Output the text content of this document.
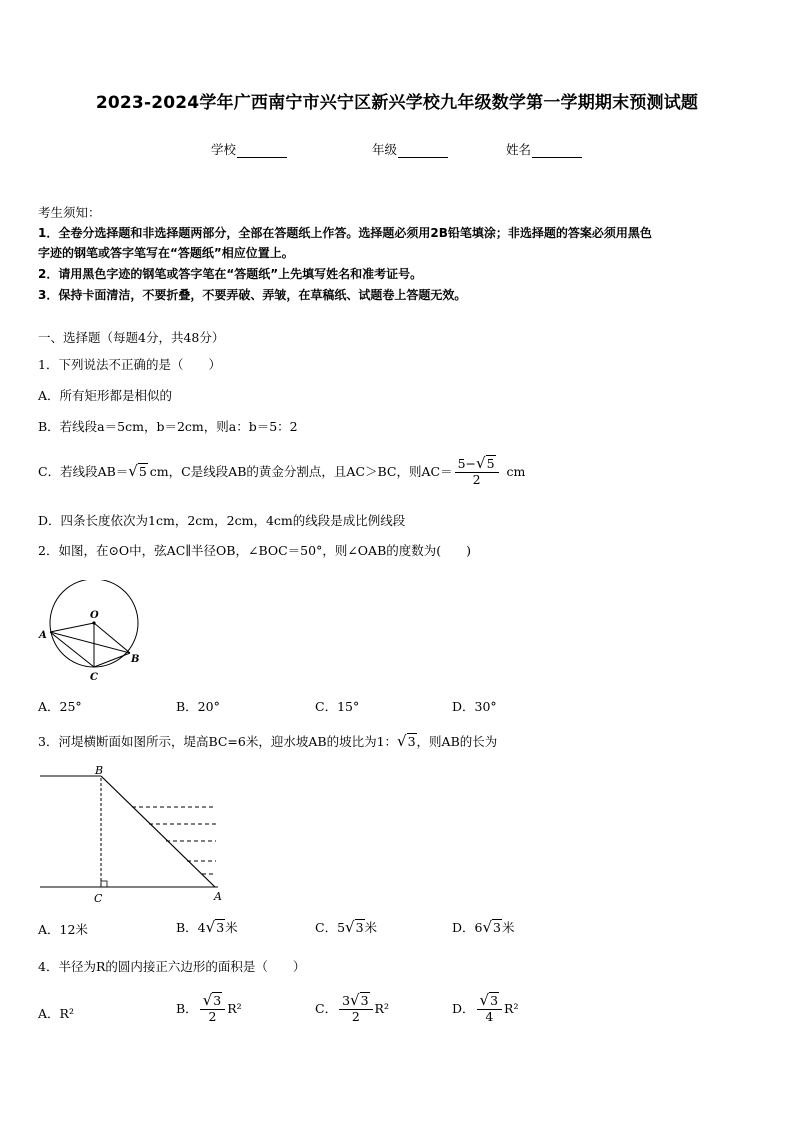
2023-2024学年广西南宁市兴宁区新兴学校九年级数学第一学期期末预测试题
学校	年级	姓名
考生须知：
1．全卷分选择题和非选择题两部分，全部在答题纸上作答。选择题必须用2B铅笔填涂；非选择题的答案必须用黑色
字迹的钢笔或答字笔写在“答题纸”相应位置上。
2．请用黑色字迹的钢笔或答字笔在“答题纸”上先填写姓名和准考证号。
3．保持卡面清洁，不要折叠，不要弄破、弄皱，在草稿纸、试题卷上答题无效。
一、选择题（每题4分，共48分）
1．下列说法不正确的是（　　）
A．所有矩形都是相似的
B．若线段a＝5cm，b＝2cm，则a：b＝5：2
C．若线段AB＝ √ 5 cm，C是线段AB的黄金分割点，且AC＞BC，则$AC= \frac{5-√5}{2}$ cm
D．四条长度依次为1cm，2cm，2cm，4cm的线段是成比例线段
2．如图，在⊙O中，弦AC∥半径OB，∠BOC＝50°，则∠OAB的度数为(　　)
O
A
B
C
A．25°	B．20°	C．15°	D．30°
3．河堤横断面如图所示，堤高BC=6米，迎水坡AB的坡比为1： √ 3 ，则AB的长为
B
C	A
A．12米	B．4 √ 3 米	C．5 √ 3 米	D．6 √ 3 米
4．半径为R的圆内接正六边形的面积是（　　）
A．R²	B． $\frac{√3}{2} R^2$	C． $\frac{3√3}{2} R^2$	D． $\frac{√3}{4} R^2$
